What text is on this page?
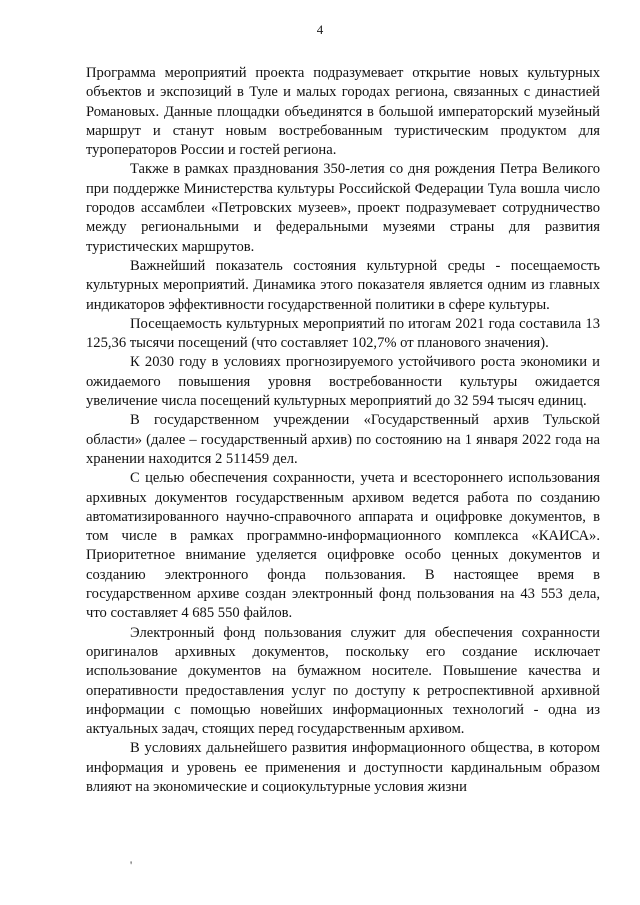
4

Программа мероприятий проекта подразумевает открытие новых культурных объектов и экспозиций в Туле и малых городах региона, связанных с династией Романовых. Данные площадки объединятся в большой императорский музейный маршрут и станут новым востребованным туристическим продуктом для туроператоров России и гостей региона.

Также в рамках празднования 350-летия со дня рождения Петра Великого при поддержке Министерства культуры Российской Федерации Тула вошла число городов ассамблеи «Петровских музеев», проект подразумевает сотрудничество между региональными и федеральными музеями страны для развития туристических маршрутов.

Важнейший показатель состояния культурной среды - посещаемость культурных мероприятий. Динамика этого показателя является одним из главных индикаторов эффективности государственной политики в сфере культуры.

Посещаемость культурных мероприятий по итогам 2021 года составила 13 125,36 тысячи посещений (что составляет 102,7% от планового значения).

К 2030 году в условиях прогнозируемого устойчивого роста экономики и ожидаемого повышения уровня востребованности культуры ожидается увеличение числа посещений культурных мероприятий до 32 594 тысяч единиц.

В государственном учреждении «Государственный архив Тульской области» (далее – государственный архив) по состоянию на 1 января 2022 года на хранении находится 2 511459 дел.

С целью обеспечения сохранности, учета и всестороннего использования архивных документов государственным архивом ведется работа по созданию автоматизированного научно-справочного аппарата и оцифровке документов, в том числе в рамках программно-информационного комплекса «КАИСА». Приоритетное внимание уделяется оцифровке особо ценных документов и созданию электронного фонда пользования. В настоящее время в государственном архиве создан электронный фонд пользования на 43 553 дела, что составляет 4 685 550 файлов.

Электронный фонд пользования служит для обеспечения сохранности оригиналов архивных документов, поскольку его создание исключает использование документов на бумажном носителе. Повышение качества и оперативности предоставления услуг по доступу к ретроспективной архивной информации с помощью новейших информационных технологий - одна из актуальных задач, стоящих перед государственным архивом.

В условиях дальнейшего развития информационного общества, в котором информация и уровень ее применения и доступности кардинальным образом влияют на экономические и социокультурные условия жизни

'
